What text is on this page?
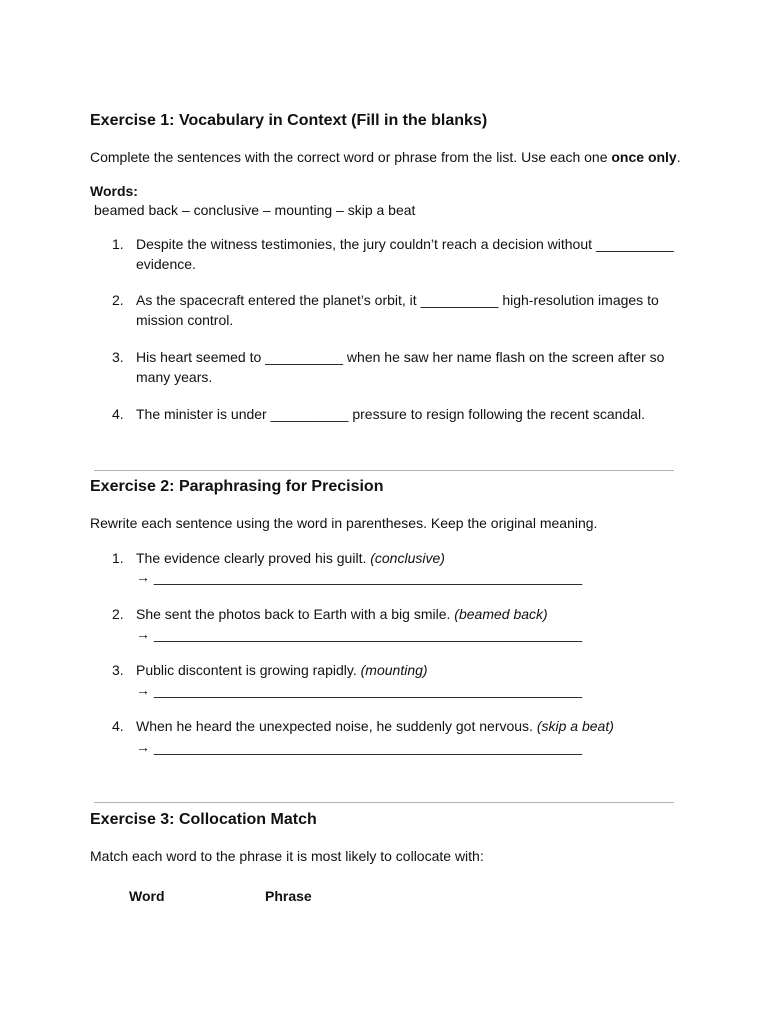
Exercise 1: Vocabulary in Context (Fill in the blanks)
Complete the sentences with the correct word or phrase from the list. Use each one once only.
Words:
beamed back – conclusive – mounting – skip a beat
1. Despite the witness testimonies, the jury couldn’t reach a decision without __________ evidence.
2. As the spacecraft entered the planet’s orbit, it __________ high-resolution images to mission control.
3. His heart seemed to __________ when he saw her name flash on the screen after so many years.
4. The minister is under __________ pressure to resign following the recent scandal.
Exercise 2: Paraphrasing for Precision
Rewrite each sentence using the word in parentheses. Keep the original meaning.
1. The evidence clearly proved his guilt. (conclusive)
→ _______________________________________________________
2. She sent the photos back to Earth with a big smile. (beamed back)
→ _______________________________________________________
3. Public discontent is growing rapidly. (mounting)
→ _______________________________________________________
4. When he heard the unexpected noise, he suddenly got nervous. (skip a beat)
→ _______________________________________________________
Exercise 3: Collocation Match
Match each word to the phrase it is most likely to collocate with:
Word	Phrase
